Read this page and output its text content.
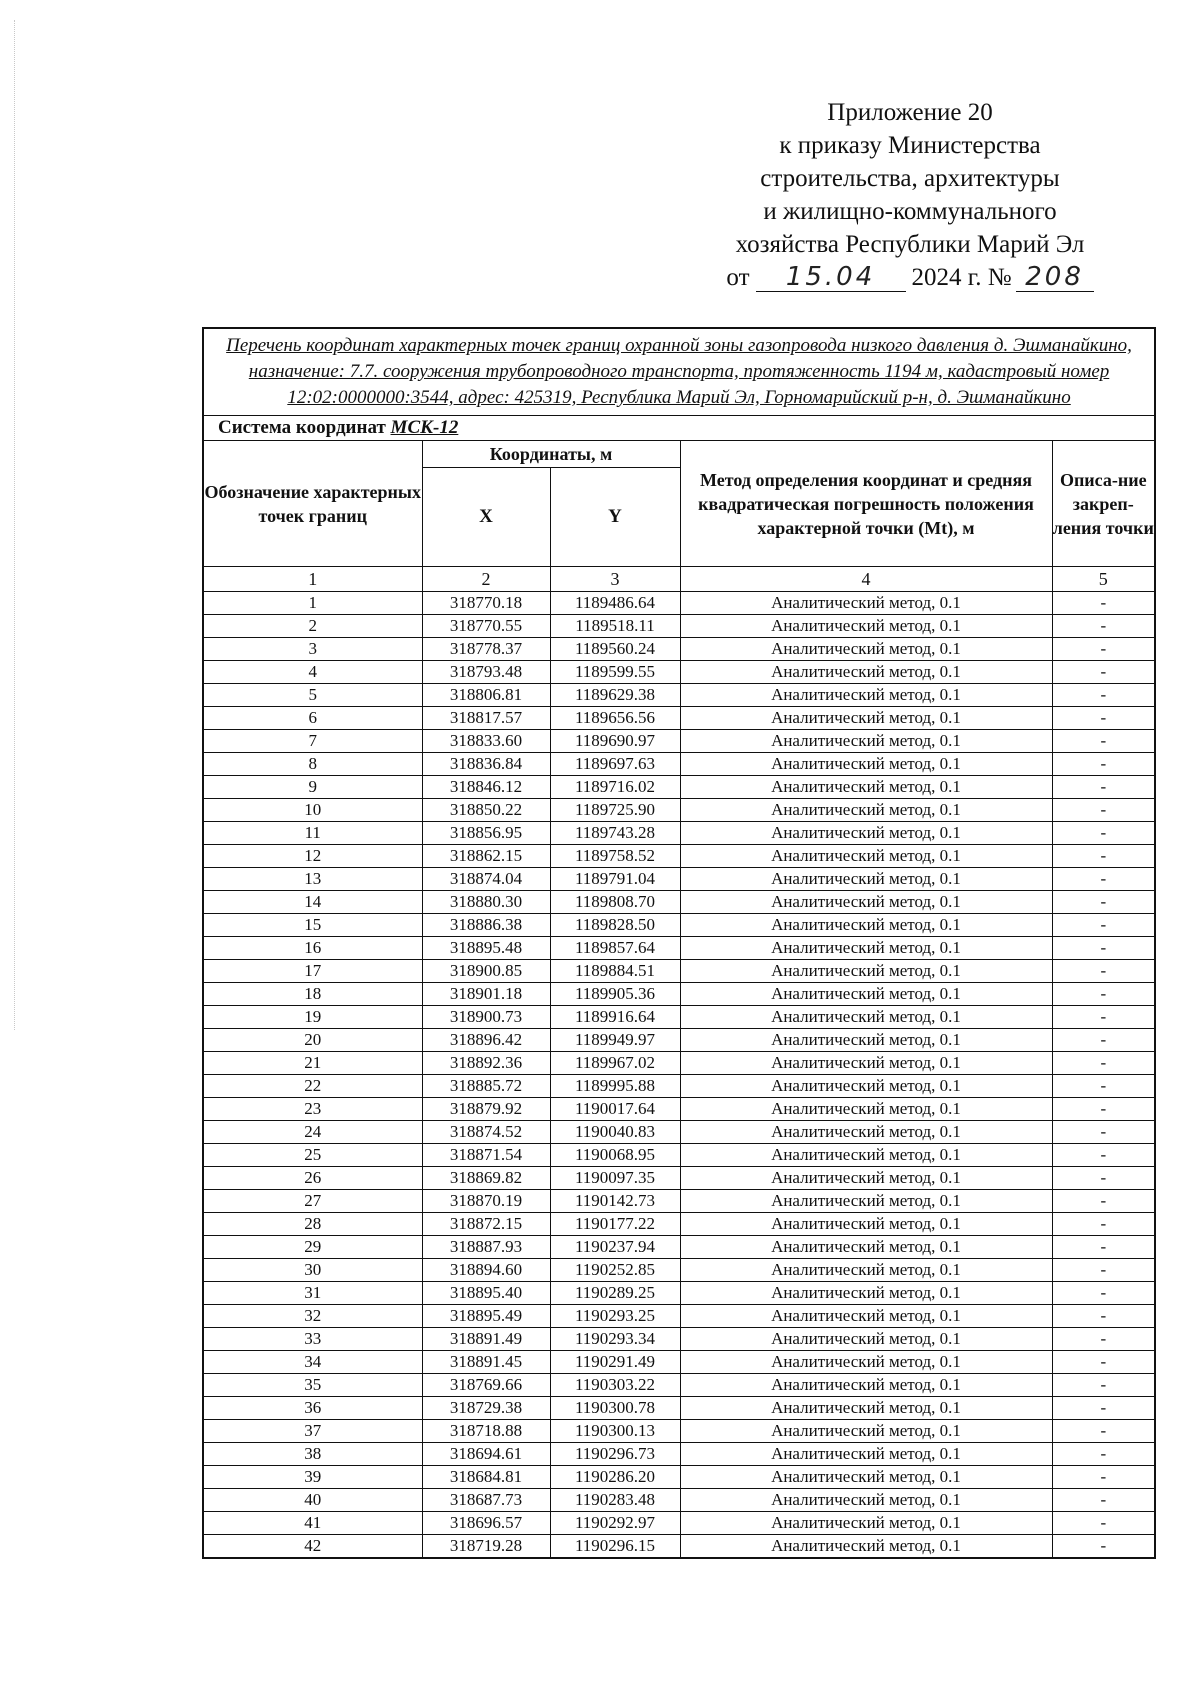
Приложение 20
к приказу Министерства
строительства, архитектуры
и жилищно-коммунального
хозяйства Республики Марий Эл
от 15.04 2024 г. № 208
Перечень координат характерных точек границ охранной зоны газопровода низкого давления д. Эшманайкино, назначение: 7.7. сооружения трубопроводного транспорта, протяженность 1194 м, кадастровый номер 12:02:0000000:3544, адрес: 425319, Республика Марий Эл, Горномарийский р-н, д. Эшманайкино				
Система координат МСК-12				
Обозначение характерных точек границ	Координаты, м		Метод определения координат и средняя квадратическая погрешность положения характерной точки (Mt), м	Описа-ние закреп-ления точки
	X	Y		
1	2	3	4	5
1	318770.18	1189486.64	Аналитический метод, 0.1	-
2	318770.55	1189518.11	Аналитический метод, 0.1	-
3	318778.37	1189560.24	Аналитический метод, 0.1	-
4	318793.48	1189599.55	Аналитический метод, 0.1	-
5	318806.81	1189629.38	Аналитический метод, 0.1	-
6	318817.57	1189656.56	Аналитический метод, 0.1	-
7	318833.60	1189690.97	Аналитический метод, 0.1	-
8	318836.84	1189697.63	Аналитический метод, 0.1	-
9	318846.12	1189716.02	Аналитический метод, 0.1	-
10	318850.22	1189725.90	Аналитический метод, 0.1	-
11	318856.95	1189743.28	Аналитический метод, 0.1	-
12	318862.15	1189758.52	Аналитический метод, 0.1	-
13	318874.04	1189791.04	Аналитический метод, 0.1	-
14	318880.30	1189808.70	Аналитический метод, 0.1	-
15	318886.38	1189828.50	Аналитический метод, 0.1	-
16	318895.48	1189857.64	Аналитический метод, 0.1	-
17	318900.85	1189884.51	Аналитический метод, 0.1	-
18	318901.18	1189905.36	Аналитический метод, 0.1	-
19	318900.73	1189916.64	Аналитический метод, 0.1	-
20	318896.42	1189949.97	Аналитический метод, 0.1	-
21	318892.36	1189967.02	Аналитический метод, 0.1	-
22	318885.72	1189995.88	Аналитический метод, 0.1	-
23	318879.92	1190017.64	Аналитический метод, 0.1	-
24	318874.52	1190040.83	Аналитический метод, 0.1	-
25	318871.54	1190068.95	Аналитический метод, 0.1	-
26	318869.82	1190097.35	Аналитический метод, 0.1	-
27	318870.19	1190142.73	Аналитический метод, 0.1	-
28	318872.15	1190177.22	Аналитический метод, 0.1	-
29	318887.93	1190237.94	Аналитический метод, 0.1	-
30	318894.60	1190252.85	Аналитический метод, 0.1	-
31	318895.40	1190289.25	Аналитический метод, 0.1	-
32	318895.49	1190293.25	Аналитический метод, 0.1	-
33	318891.49	1190293.34	Аналитический метод, 0.1	-
34	318891.45	1190291.49	Аналитический метод, 0.1	-
35	318769.66	1190303.22	Аналитический метод, 0.1	-
36	318729.38	1190300.78	Аналитический метод, 0.1	-
37	318718.88	1190300.13	Аналитический метод, 0.1	-
38	318694.61	1190296.73	Аналитический метод, 0.1	-
39	318684.81	1190286.20	Аналитический метод, 0.1	-
40	318687.73	1190283.48	Аналитический метод, 0.1	-
41	318696.57	1190292.97	Аналитический метод, 0.1	-
42	318719.28	1190296.15	Аналитический метод, 0.1	-
